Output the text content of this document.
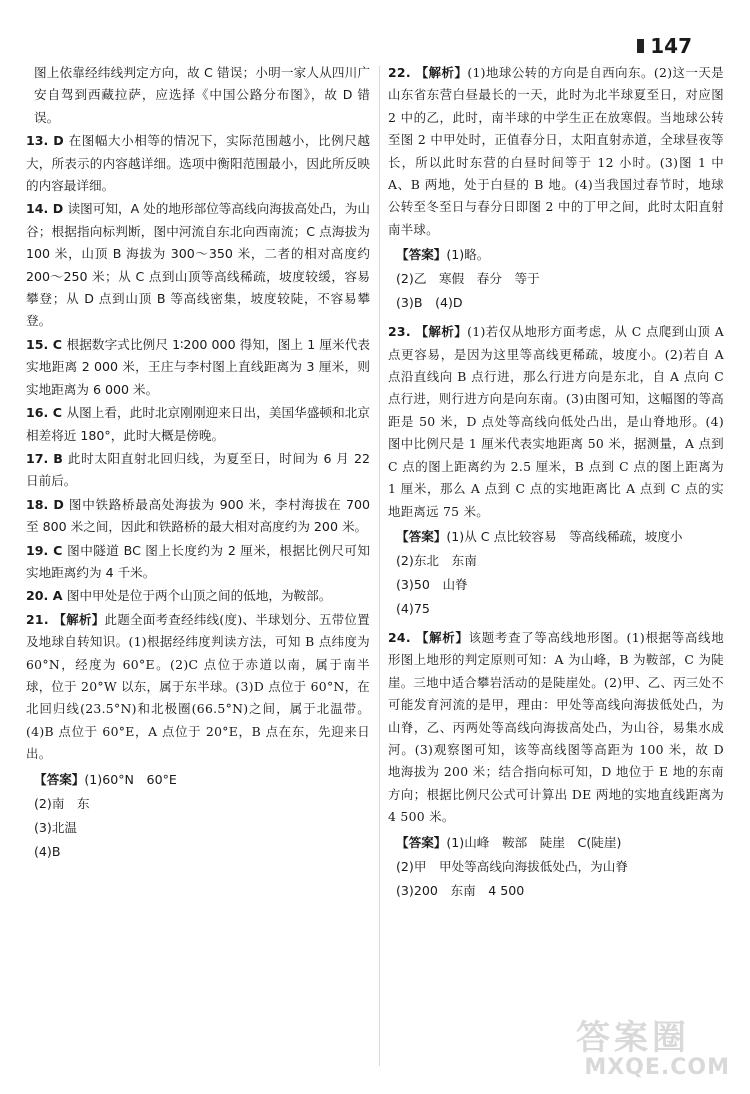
147
图上依靠经纬线判定方向，故 C 错误；小明一家人从四川广安自驾到西藏拉萨，应选择《中国公路分布图》，故 D 错误。
13. D 在图幅大小相等的情况下，实际范围越小，比例尺越大，所表示的内容越详细。选项中衡阳范围最小，因此所反映的内容最详细。
14. D 读图可知，A 处的地形部位等高线向海拔高处凸，为山谷；根据指向标判断，图中河流自东北向西南流；C 点海拔为 100 米，山顶 B 海拔为 300～350 米，二者的相对高度约 200～250 米；从 C 点到山顶等高线稀疏，坡度较缓，容易攀登；从 D 点到山顶 B 等高线密集，坡度较陡，不容易攀登。
15. C 根据数字式比例尺 1∶200 000 得知，图上 1 厘米代表实地距离 2 000 米，王庄与李村图上直线距离为 3 厘米，则实地距离为 6 000 米。
16. C 从图上看，此时北京刚刚迎来日出，美国华盛顿和北京相差将近 180°，此时大概是傍晚。
17. B 此时太阳直射北回归线，为夏至日，时间为 6 月 22 日前后。
18. D 图中铁路桥最高处海拔为 900 米，李村海拔在 700 至 800 米之间，因此和铁路桥的最大相对高度约为 200 米。
19. C 图中隧道 BC 图上长度约为 2 厘米，根据比例尺可知实地距离约为 4 千米。
20. A 图中甲处是位于两个山顶之间的低地，为鞍部。
21. 【解析】此题全面考查经纬线(度)、半球划分、五带位置及地球自转知识。(1)根据经纬度判读方法，可知 B 点纬度为 60°N，经度为 60°E。(2)C 点位于赤道以南，属于南半球，位于 20°W 以东，属于东半球。(3)D 点位于 60°N，在北回归线(23.5°N)和北极圈(66.5°N)之间，属于北温带。(4)B 点位于 60°E，A 点位于 20°E，B 点在东，先迎来日出。
【答案】(1)60°N　60°E
(2)南　东
(3)北温
(4)B
22. 【解析】(1)地球公转的方向是自西向东。(2)这一天是山东省东营白昼最长的一天，此时为北半球夏至日，对应图 2 中的乙，此时，南半球的中学生正在放寒假。当地球公转至图 2 中甲处时，正值春分日，太阳直射赤道，全球昼夜等长，所以此时东营的白昼时间等于 12 小时。(3)图 1 中 A、B 两地，处于白昼的 B 地。(4)当我国过春节时，地球公转至冬至日与春分日即图 2 中的丁甲之间，此时太阳直射南半球。
【答案】(1)略。
(2)乙　寒假　春分　等于
(3)B　(4)D
23. 【解析】(1)若仅从地形方面考虑，从 C 点爬到山顶 A 点更容易，是因为这里等高线更稀疏，坡度小。(2)若自 A 点沿直线向 B 点行进，那么行进方向是东北，自 A 点向 C 点行进，则行进方向是向东南。(3)由图可知，这幅图的等高距是 50 米，D 点处等高线向低处凸出，是山脊地形。(4)图中比例尺是 1 厘米代表实地距离 50 米，据测量，A 点到 C 点的图上距离约为 2.5 厘米，B 点到 C 点的图上距离为 1 厘米，那么 A 点到 C 点的实地距离比 A 点到 C 点的实地距离远 75 米。
【答案】(1)从 C 点比较容易　等高线稀疏，坡度小
(2)东北　东南
(3)50　山脊
(4)75
24. 【解析】该题考查了等高线地形图。(1)根据等高线地形图上地形的判定原则可知：A 为山峰，B 为鞍部，C 为陡崖。三地中适合攀岩活动的是陡崖处。(2)甲、乙、丙三处不可能发育河流的是甲，理由：甲处等高线向海拔低处凸，为山脊，乙、丙两处等高线向海拔高处凸，为山谷，易集水成河。(3)观察图可知，该等高线图等高距为 100 米，故 D 地海拔为 200 米；结合指向标可知，D 地位于 E 地的东南方向；根据比例尺公式可计算出 DE 两地的实地直线距离为 4 500 米。
【答案】(1)山峰　鞍部　陡崖　C(陡崖)
(2)甲　甲处等高线向海拔低处凸，为山脊
(3)200　东南　4 500
答案圈
MXQE.COM
